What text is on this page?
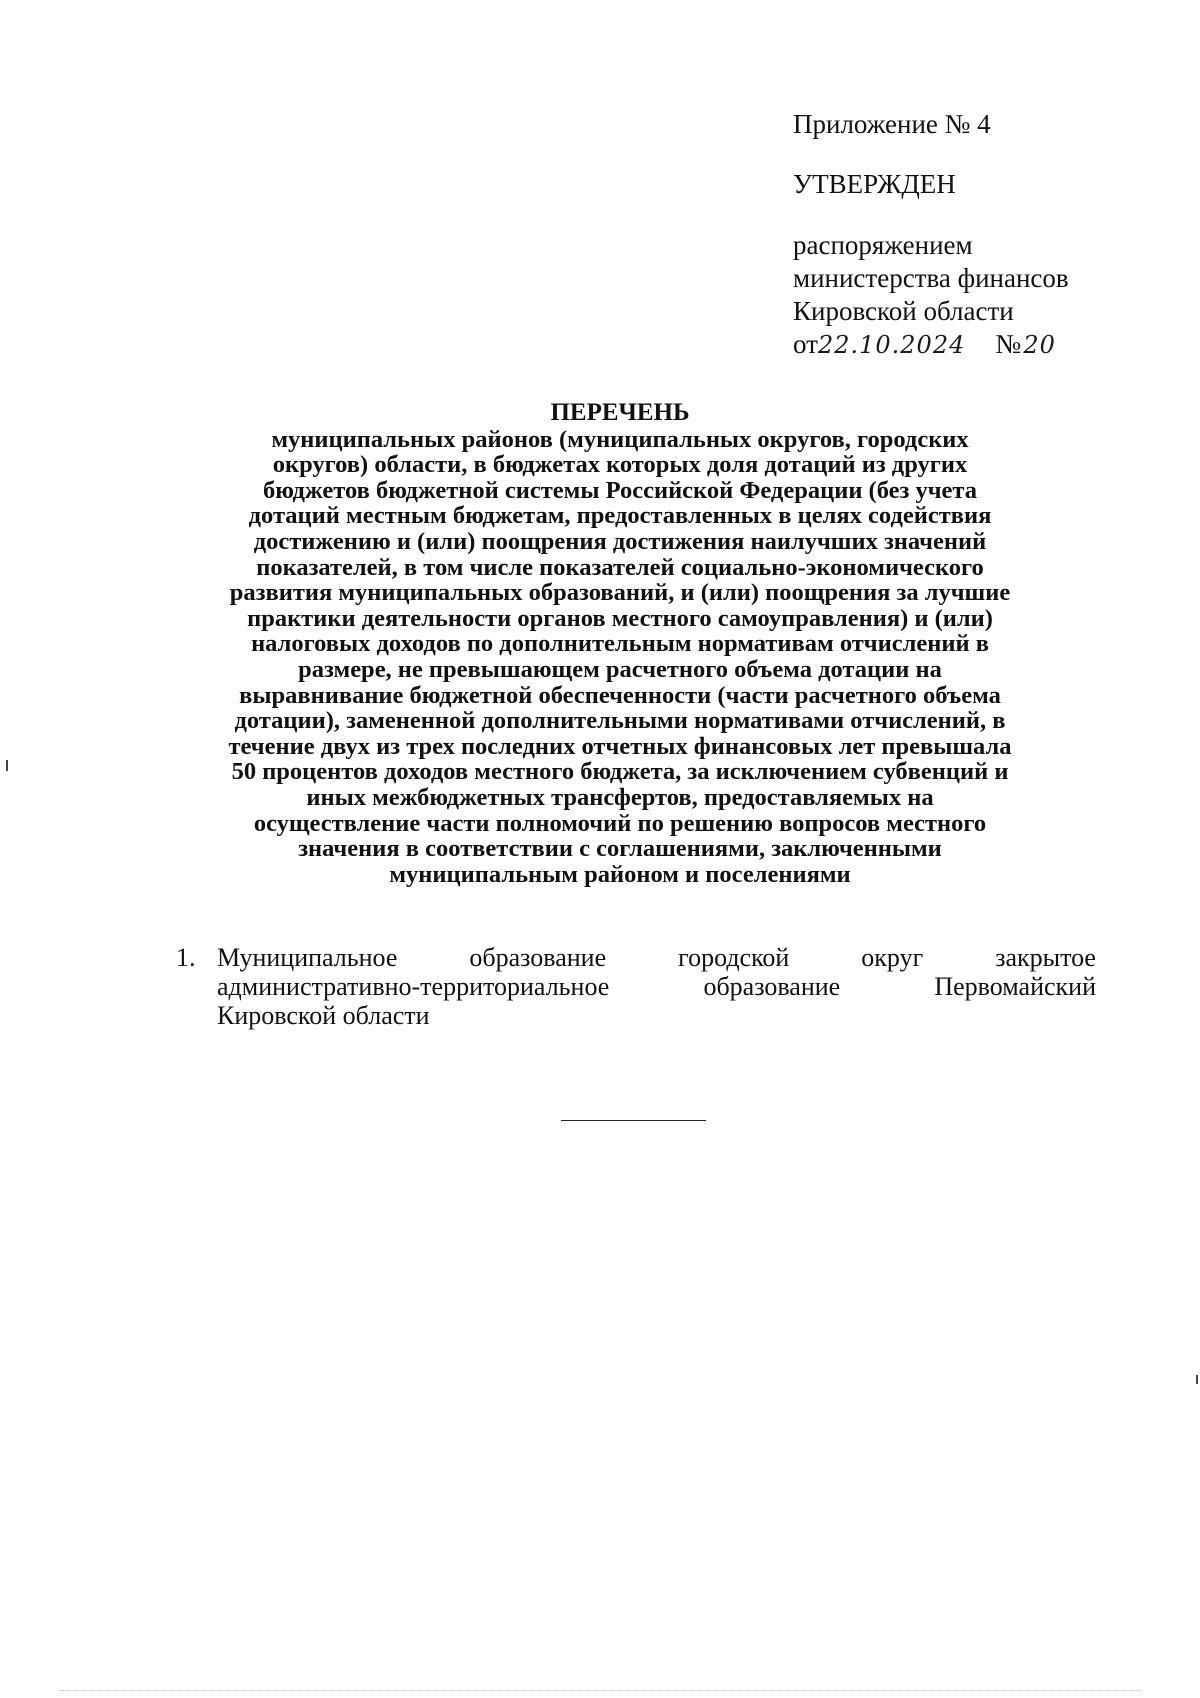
Приложение № 4
УТВЕРЖДЕН
распоряжением
министерства финансов
Кировской области
от22.10.2024 № 20
ПЕРЕЧЕНЬ
муниципальных районов (муниципальных округов, городских
округов) области, в бюджетах которых доля дотаций из других
бюджетов бюджетной системы Российской Федерации (без учета
дотаций местным бюджетам, предоставленных в целях содействия
достижению и (или) поощрения достижения наилучших значений
показателей, в том числе показателей социально-экономического
развития муниципальных образований, и (или) поощрения за лучшие
практики деятельности органов местного самоуправления) и (или)
налоговых доходов по дополнительным нормативам отчислений в
размере, не превышающем расчетного объема дотации на
выравнивание бюджетной обеспеченности (части расчетного объема
дотации), замененной дополнительными нормативами отчислений, в
течение двух из трех последних отчетных финансовых лет превышала
50 процентов доходов местного бюджета, за исключением субвенций и
иных межбюджетных трансфертов, предоставляемых на
осуществление части полномочий по решению вопросов местного
значения в соответствии с соглашениями, заключенными
муниципальным районом и поселениями
1. Муниципальное	образование	городской	округ	закрытое
административно-территориальное	образование	Первомайский
Кировской области
